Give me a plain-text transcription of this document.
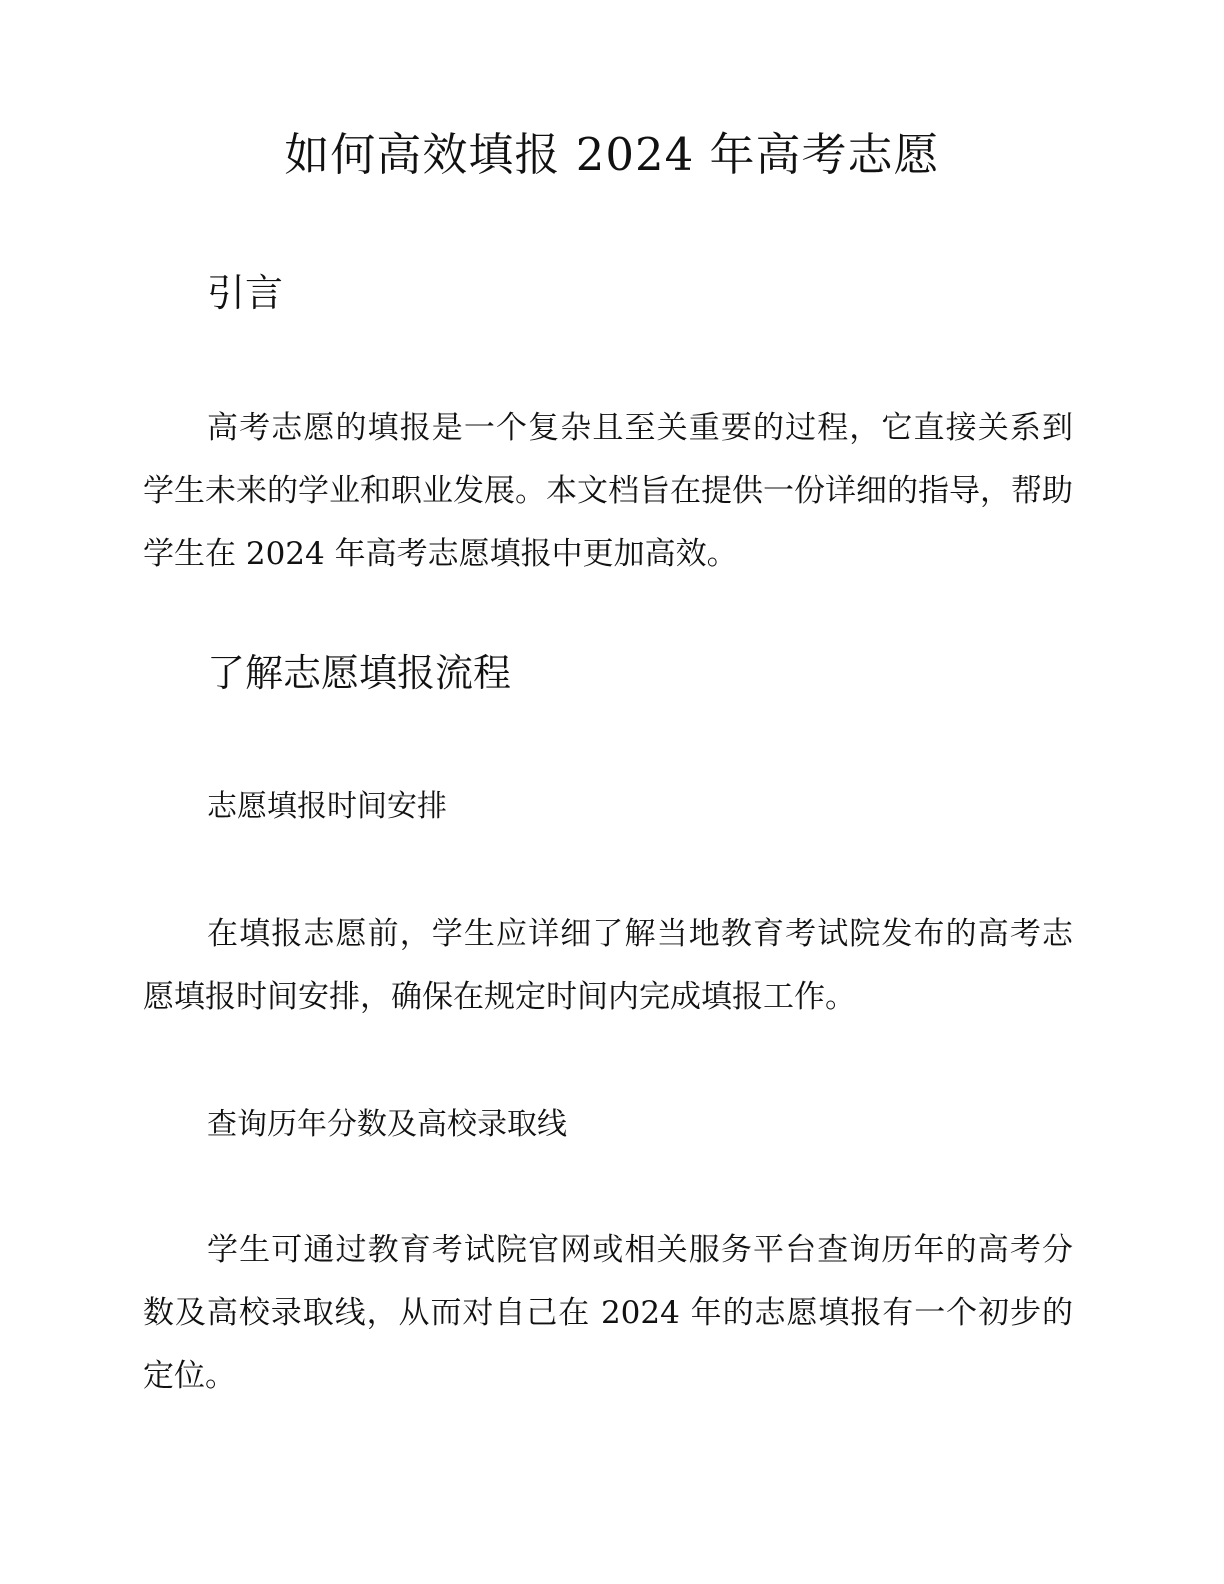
如何高效填报 2024 年高考志愿
引言

高考志愿的填报是一个复杂且至关重要的过程，它直接关系到学生未来的学业和职业发展。本文档旨在提供一份详细的指导，帮助学生在 2024 年高考志愿填报中更加高效。

了解志愿填报流程
志愿填报时间安排

在填报志愿前，学生应详细了解当地教育考试院发布的高考志愿填报时间安排，确保在规定时间内完成填报工作。

查询历年分数及高校录取线

学生可通过教育考试院官网或相关服务平台查询历年的高考分数及高校录取线，从而对自己在 2024 年的志愿填报有一个初步的定位。
